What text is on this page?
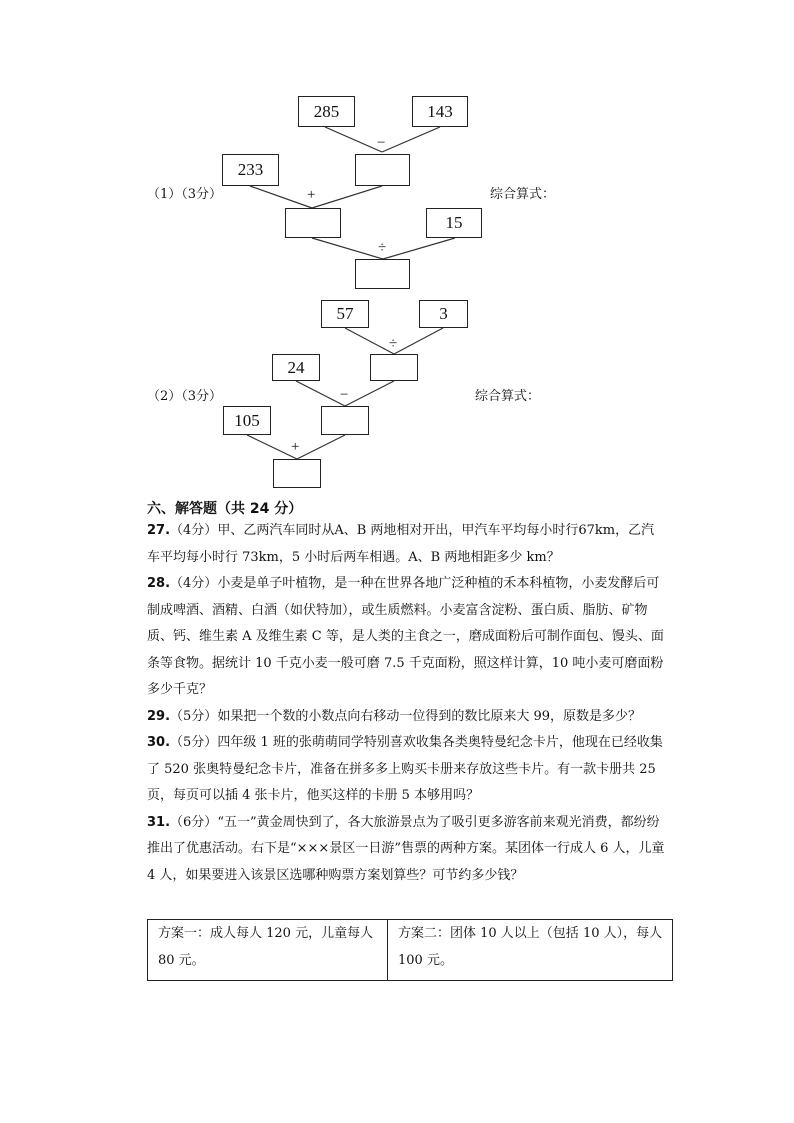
285	143
−
233
+
（1）（3分）	综合算式：
15
÷
57	3
÷
24
−
（2）（3分）	综合算式：
105
+
六、解答题（共 24 分）

27.（4分）甲、乙两汽车同时从A、B 两地相对开出，甲汽车平均每小时行67km，乙汽车平均每小时行 73km，5 小时后两车相遇。A、B 两地相距多少 km？

28.（4分）小麦是单子叶植物，是一种在世界各地广泛种植的禾本科植物，小麦发酵后可制成啤酒、酒精、白酒（如伏特加），或生质燃料。小麦富含淀粉、蛋白质、脂肪、矿物质、钙、维生素 A 及维生素 C 等，是人类的主食之一，磨成面粉后可制作面包、馒头、面条等食物。据统计 10 千克小麦一般可磨 7.5 千克面粉，照这样计算，10 吨小麦可磨面粉多少千克？

29.（5分）如果把一个数的小数点向右移动一位得到的数比原来大 99，原数是多少？

30.（5分）四年级 1 班的张萌萌同学特别喜欢收集各类奥特曼纪念卡片，他现在已经收集了 520 张奥特曼纪念卡片，准备在拼多多上购买卡册来存放这些卡片。有一款卡册共 25 页，每页可以插 4 张卡片，他买这样的卡册 5 本够用吗？

31.（6分）“五一”黄金周快到了，各大旅游景点为了吸引更多游客前来观光消费，都纷纷推出了优惠活动。右下是“×××景区一日游”售票的两种方案。某团体一行成人 6 人，儿童 4 人，如果要进入该景区选哪种购票方案划算些？可节约多少钱？

方案一：成人每人 120 元，儿童每人 80 元。
方案二：团体 10 人以上（包括 10 人），每人 100 元。
